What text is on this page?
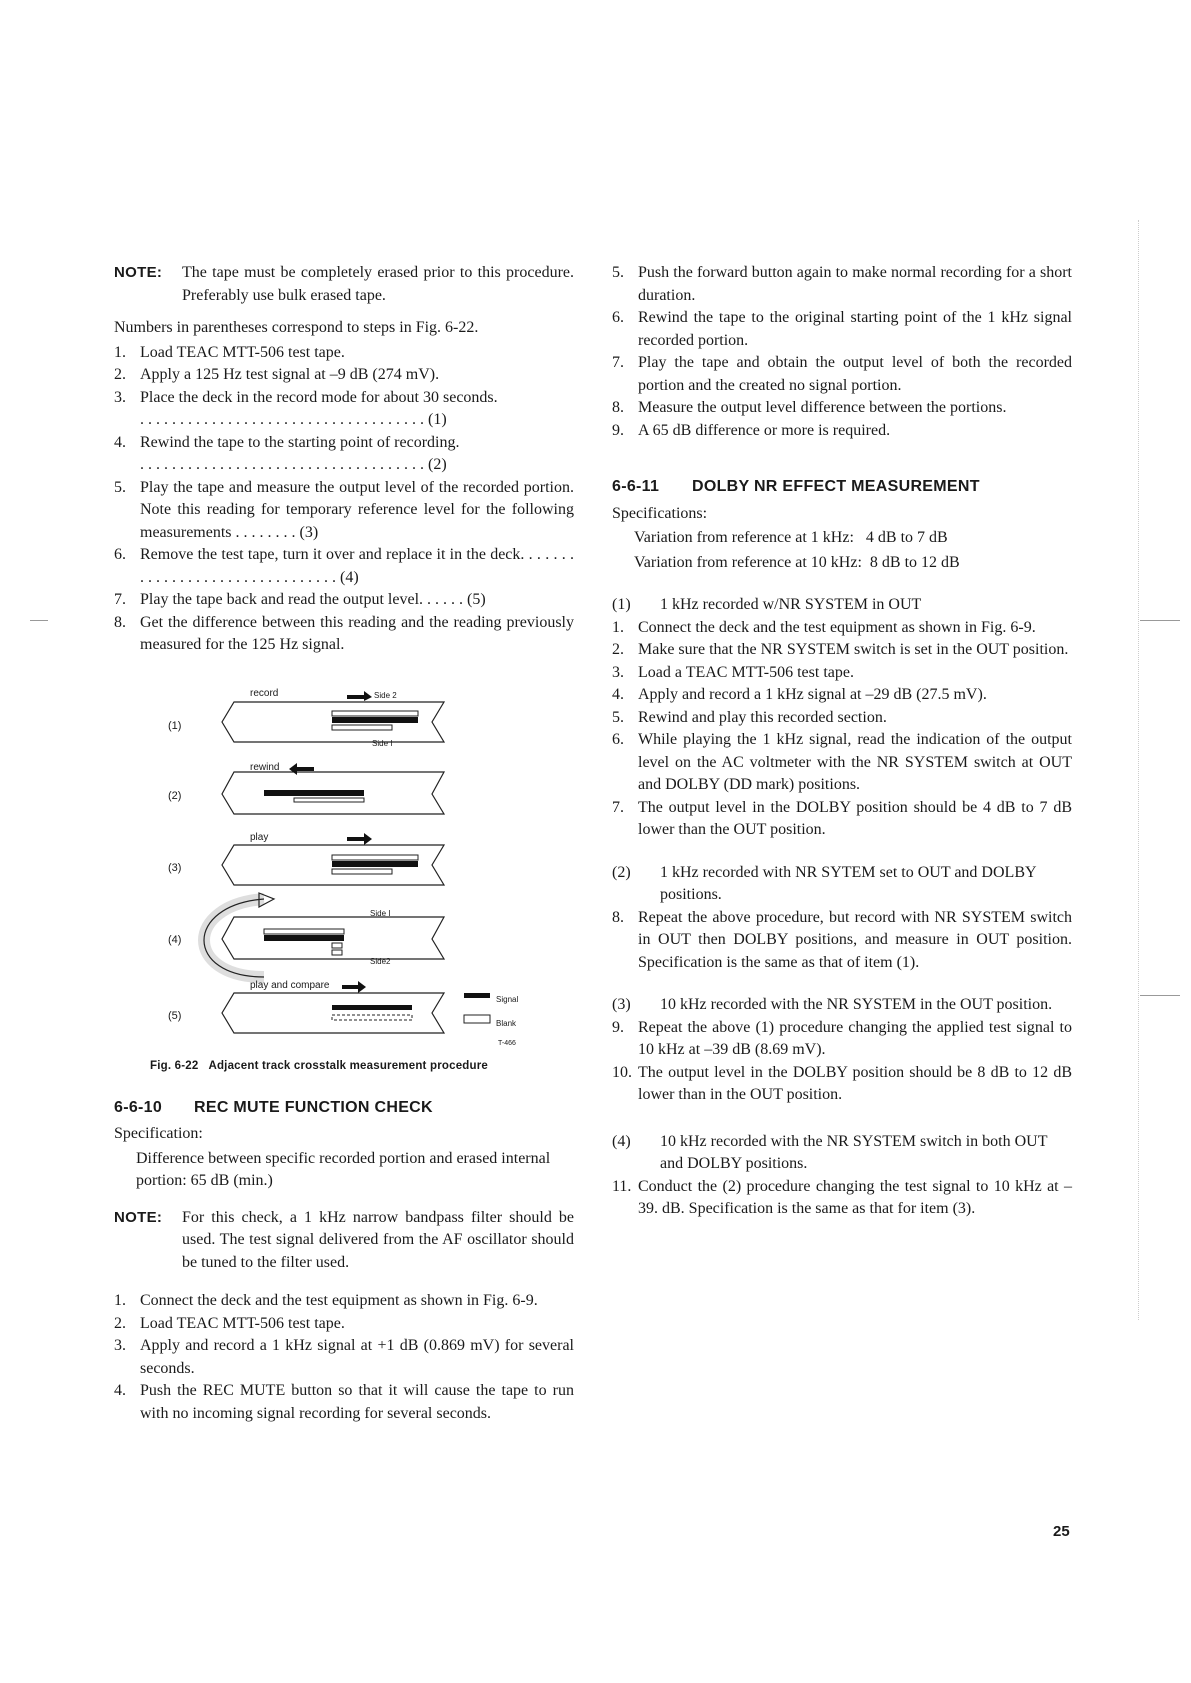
NOTE:	The tape must be completely erased prior to this procedure. Preferably use bulk erased tape.

Numbers in parentheses correspond to steps in Fig. 6-22.

1. Load TEAC MTT-506 test tape.
2. Apply a 125 Hz test signal at –9 dB (274 mV).
3. Place the deck in the record mode for about 30 seconds.
. . . . . . . . . . . . . . . . . . . . . . . . . . . . . . . . . . . . (1)
4. Rewind the tape to the starting point of recording.
. . . . . . . . . . . . . . . . . . . . . . . . . . . . . . . . . . . . (2)
5. Play the tape and measure the output level of the recorded portion. Note this reading for temporary reference level for the following measurements . . . . . . . . (3)
6. Remove the test tape, turn it over and replace it in the deck. . . . . . . . . . . . . . . . . . . . . . . . . . . . . . . . (4)
7. Play the tape back and read the output level. . . . . . (5)
8. Get the difference between this reading and the reading previously measured for the 125 Hz signal.
(1)
(2)
(3)
(4)
(5)
record	Side 2
Side I
rewind
play
Side I
Side2
play and compare
Signal
Blank
T-466
Fig. 6-22 Adjacent track crosstalk measurement procedure
6-6-10	REC MUTE FUNCTION CHECK

Specification:

Difference between specific recorded portion and erased internal portion: 65 dB (min.)

NOTE:	For this check, a 1 kHz narrow bandpass filter should be used. The test signal delivered from the AF oscillator should be tuned to the filter used.
1. Connect the deck and the test equipment as shown in Fig. 6-9.
2. Load TEAC MTT-506 test tape.
3. Apply and record a 1 kHz signal at +1 dB (0.869 mV) for several seconds.
4. Push the REC MUTE button so that it will cause the tape to run with no incoming signal recording for several seconds.
5. Push the forward button again to make normal recording for a short duration.
6. Rewind the tape to the original starting point of the 1 kHz signal recorded portion.
7. Play the tape and obtain the output level of both the recorded portion and the created no signal portion.
8. Measure the output level difference between the portions.
9. A 65 dB difference or more is required.
6-6-11	DOLBY NR EFFECT MEASUREMENT

Specifications:

Variation from reference at 1 kHz:   4 dB to 7 dB

Variation from reference at 10 kHz:  8 dB to 12 dB

(1)	1 kHz recorded w/NR SYSTEM in OUT
1. Connect the deck and the test equipment as shown in Fig. 6-9.
2. Make sure that the NR SYSTEM switch is set in the OUT position.
3. Load a TEAC MTT-506 test tape.
4. Apply and record a 1 kHz signal at –29 dB (27.5 mV).
5. Rewind and play this recorded section.
6. While playing the 1 kHz signal, read the indication of the output level on the AC voltmeter with the NR SYSTEM switch at OUT and DOLBY (DD mark) positions.
7. The output level in the DOLBY position should be 4 dB to 7 dB lower than the OUT position.
(2)	1 kHz recorded with NR SYTEM set to OUT and DOLBY positions.
8. Repeat the above procedure, but record with NR SYSTEM switch in OUT then DOLBY positions, and measure in OUT position. Specification is the same as that of item (1).
(3)	10 kHz recorded with the NR SYSTEM in the OUT position.
9. Repeat the above (1) procedure changing the applied test signal to 10 kHz at –39 dB (8.69 mV).
10. The output level in the DOLBY position should be 8 dB to 12 dB lower than in the OUT position.
(4)	10 kHz recorded with the NR SYSTEM switch in both OUT and DOLBY positions.
11. Conduct the (2) procedure changing the test signal to 10 kHz at –39. dB. Specification is the same as that for item (3).
25
